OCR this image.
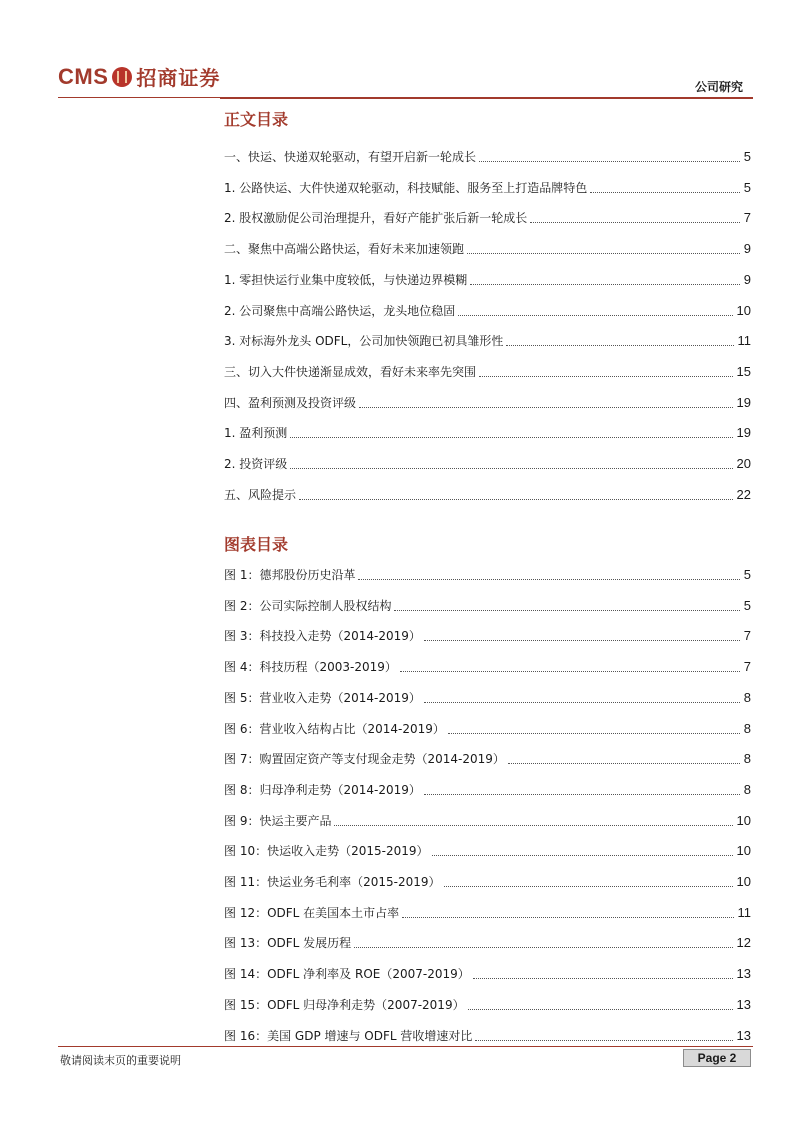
CMS 招商证券	公司研究
正文目录
一、快运、快递双轮驱动，有望开启新一轮成长	5
1. 公路快运、大件快递双轮驱动，科技赋能、服务至上打造品牌特色	5
2. 股权激励促公司治理提升，看好产能扩张后新一轮成长	7
二、聚焦中高端公路快运，看好未来加速领跑	9
1. 零担快运行业集中度较低，与快递边界模糊	9
2. 公司聚焦中高端公路快运，龙头地位稳固	10
3. 对标海外龙头 ODFL，公司加快领跑已初具雏形性	11
三、切入大件快递渐显成效，看好未来率先突围	15
四、盈利预测及投资评级	19
1. 盈利预测	19
2. 投资评级	20
五、风险提示	22
图表目录
图 1：德邦股份历史沿革	5
图 2：公司实际控制人股权结构	5
图 3：科技投入走势（2014-2019）	7
图 4：科技历程（2003-2019）	7
图 5：营业收入走势（2014-2019）	8
图 6：营业收入结构占比（2014-2019）	8
图 7：购置固定资产等支付现金走势（2014-2019）	8
图 8：归母净利走势（2014-2019）	8
图 9：快运主要产品	10
图 10：快运收入走势（2015-2019）	10
图 11：快运业务毛利率（2015-2019）	10
图 12：ODFL 在美国本土市占率	11
图 13：ODFL 发展历程	12
图 14：ODFL 净利率及 ROE（2007-2019）	13
图 15：ODFL 归母净利走势（2007-2019）	13
图 16：美国 GDP 增速与 ODFL 营收增速对比	13
敬请阅读末页的重要说明	Page 2
